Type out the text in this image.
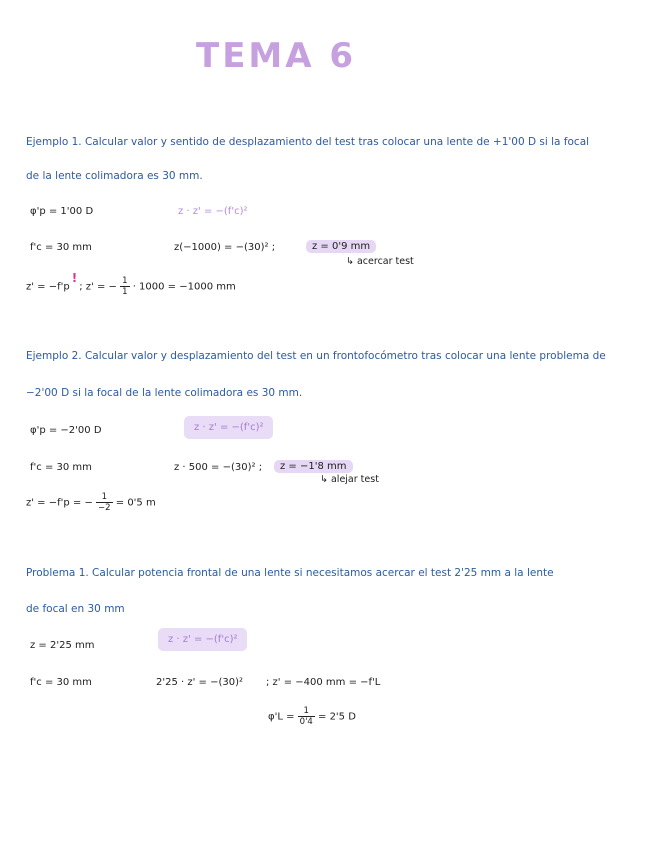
TEMA 6
Ejemplo 1. Calcular valor y sentido de desplazamiento del test tras colocar una lente de +1'00 D si la focal
de la lente colimadora es 30 mm.
φ'p = 1'00 D	z · z' = −(f'c)²
f'c = 30 mm	z(−1000) = −(30)² ;	z = 0'9 mm
↳ acercar test
z' = −f'p!; z' = − $\frac{1}{1} \cdot 1000 = -1000$ mm
Ejemplo 2. Calcular valor y desplazamiento del test en un frontofocómetro tras colocar una lente problema de
−2'00 D si la focal de la lente colimadora es 30 mm.
φ'p = −2'00 D	z · z' = −(f'c)²
f'c = 30 mm	z · 500 = −(30)² ;	z = −1'8 mm
↳ alejar test
z' = −f'p = − $\frac{1}{-2} = 0'5$ m
Problema 1. Calcular potencia frontal de una lente si necesitamos acercar el test 2'25 mm a la lente
de focal en 30 mm
z = 2'25 mm
z · z' = −(f'c)²
f'c = 30 mm	2'25 · z' = −(30)² ; z' = −400 mm = −f'L
$\varphi'L = \frac{1}{0'4} = 2'5$ D
